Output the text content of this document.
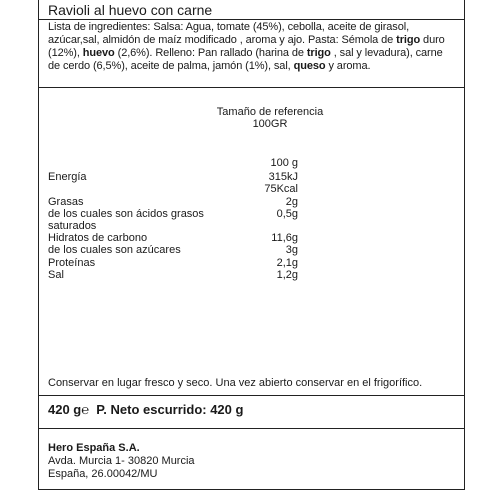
Ravioli al huevo con carne
Lista de ingredientes: Salsa: Agua, tomate (45%), cebolla, aceite de girasol, azúcar,sal, almidón de maíz modificado , aroma y ajo. Pasta: Sémola de trigo duro (12%), huevo (2,6%). Relleno: Pan rallado (harina de trigo , sal y levadura), carne de cerdo (6,5%), aceite de palma, jamón (1%), sal, queso y aroma.
Tamaño de referencia
100GR
100 g
Energía	315kJ
75Kcal
Grasas	2g
de los cuales son ácidos grasos	0,5g
saturados
Hidratos de carbono	11,6g
de los cuales son azúcares	3g
Proteínas	2,1g
Sal	1,2g
Conservar en lugar fresco y seco. Una vez abierto conservar en el frigorífico.
420 g℮ P. Neto escurrido: 420 g
Hero España S.A.
Avda. Murcia 1- 30820 Murcia
España, 26.00042/MU
